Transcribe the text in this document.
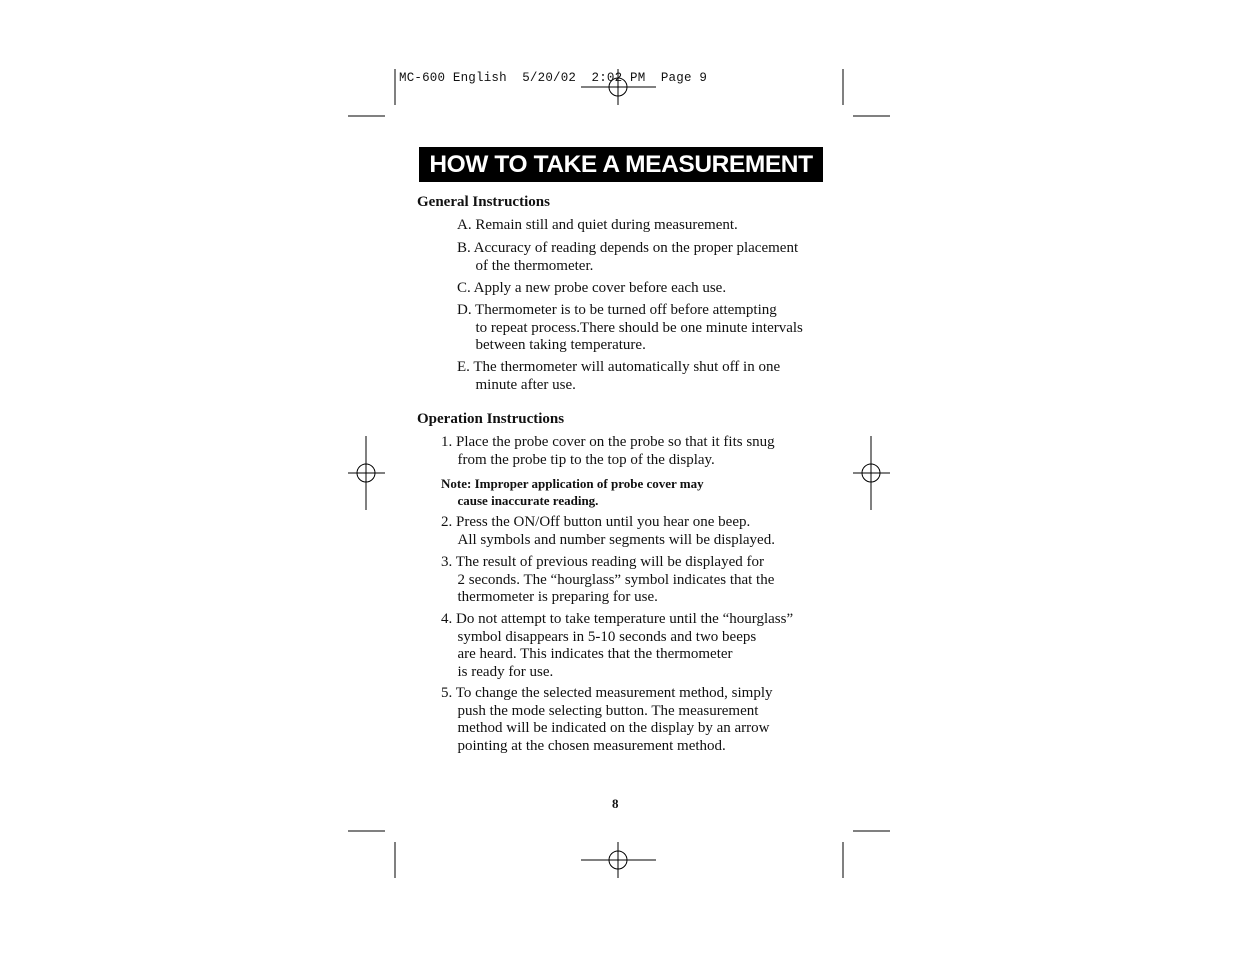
MC-600 English  5/20/02  2:02 PM  Page 9
HOW TO TAKE A MEASUREMENT
General Instructions
A. Remain still and quiet during measurement.
B. Accuracy of reading depends on the proper placement
of the thermometer.
C. Apply a new probe cover before each use.
D. Thermometer is to be turned off before attempting
to repeat process.There should be one minute intervals
between taking temperature.
E. The thermometer will automatically shut off in one
minute after use.
Operation Instructions
1. Place the probe cover on the probe so that it fits snug
from the probe tip to the top of the display.
Note: Improper application of probe cover may
cause inaccurate reading.
2. Press the ON/Off button until you hear one beep.
All symbols and number segments will be displayed.
3. The result of previous reading will be displayed for
2 seconds. The “hourglass” symbol indicates that the
thermometer is preparing for use.
4. Do not attempt to take temperature until the “hourglass”
symbol disappears in 5-10 seconds and two beeps
are heard. This indicates that the thermometer
is ready for use.
5. To change the selected measurement method, simply
push the mode selecting button. The measurement
method will be indicated on the display by an arrow
pointing at the chosen measurement method.
8
